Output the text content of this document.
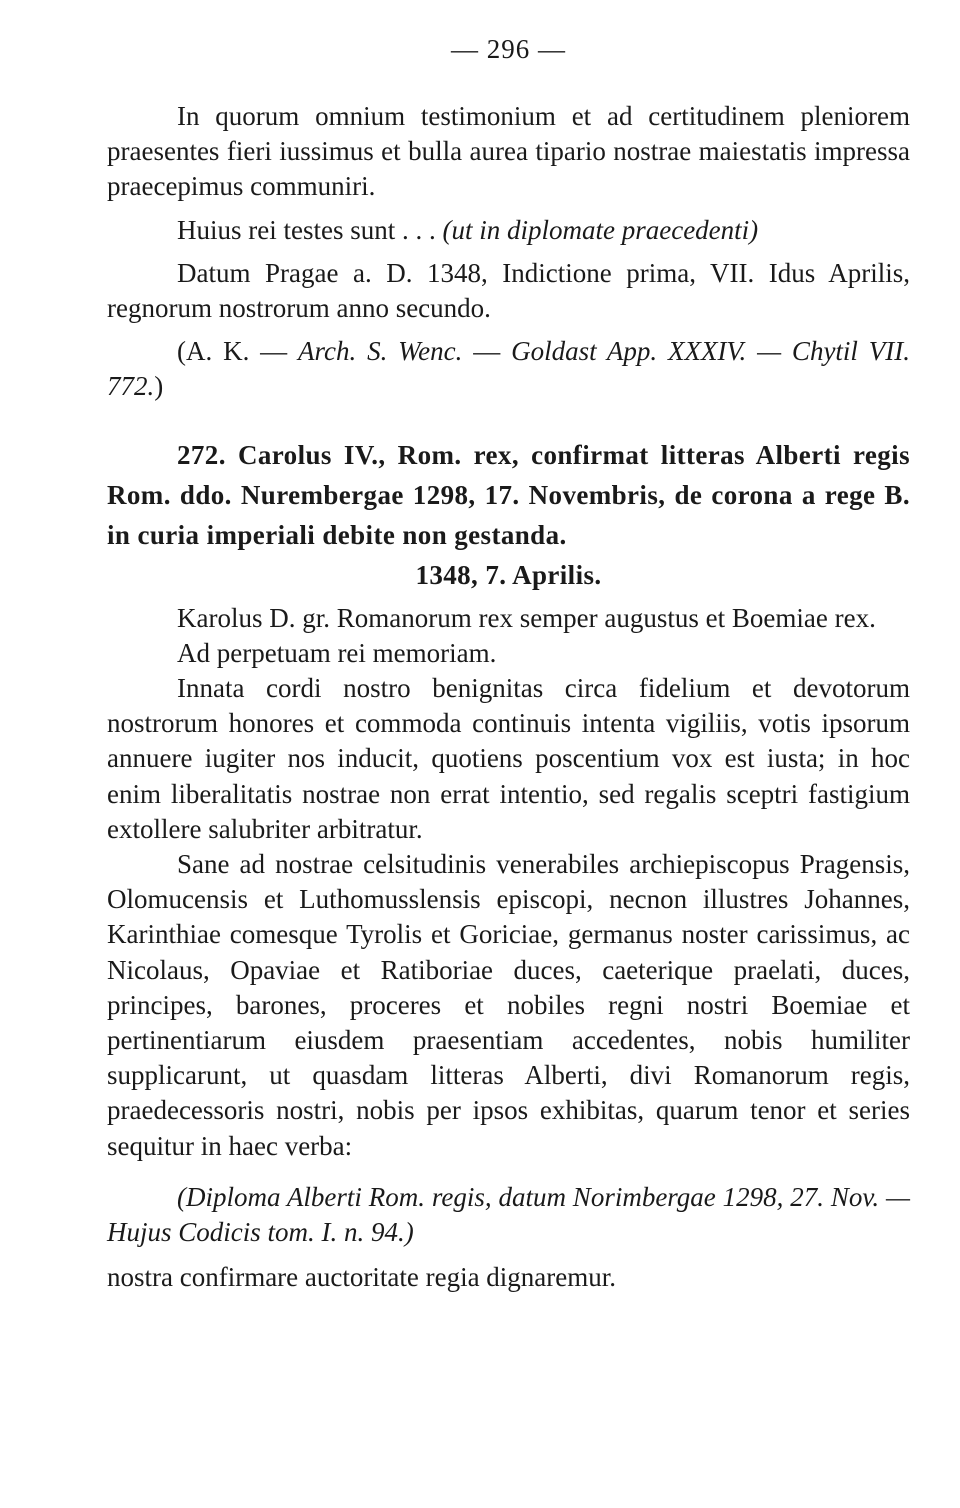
— 296 —

In quorum omnium testimonium et ad certitudinem pleniorem praesentes fieri iussimus et bulla aurea tipario nostrae maiestatis impressa praecepimus communiri.

Huius rei testes sunt . . . (ut in diplomate praecedenti)

Datum Pragae a. D. 1348, Indictione prima, VII. Idus Aprilis, regnorum nostrorum anno secundo.

(A. K. — Arch. S. Wenc. — Goldast App. XXXIV. — Chytil VII. 772.)

272. Carolus IV., Rom. rex, confirmat litteras Alberti regis Rom. ddo. Nurembergae 1298, 17. Novembris, de corona a rege B. in curia imperiali debite non gestanda.
1348, 7. Aprilis.

Karolus D. gr. Romanorum rex semper augustus et Boemiae rex.

Ad perpetuam rei memoriam.

Innata cordi nostro benignitas circa fidelium et devotorum nostrorum honores et commoda continuis intenta vigiliis, votis ipsorum annuere iugiter nos inducit, quotiens poscentium vox est iusta; in hoc enim liberalitatis nostrae non errat intentio, sed regalis sceptri fastigium extollere salubriter arbitratur.

Sane ad nostrae celsitudinis venerabiles archiepiscopus Pragensis, Olomucensis et Luthomusslensis episcopi, necnon illustres Johannes, Karinthiae comesque Tyrolis et Goriciae, germanus noster carissimus, ac Nicolaus, Opaviae et Ratiboriae duces, caeterique praelati, duces, principes, barones, proceres et nobiles regni nostri Boemiae et pertinentiarum eiusdem praesentiam accedentes, nobis humiliter supplicarunt, ut quasdam litteras Alberti, divi Romanorum regis, praedecessoris nostri, nobis per ipsos exhibitas, quarum tenor et series sequitur in haec verba:

(Diploma Alberti Rom. regis, datum Norimbergae 1298, 27. Nov. — Hujus Codicis tom. I. n. 94.)

nostra confirmare auctoritate regia dignaremur.
